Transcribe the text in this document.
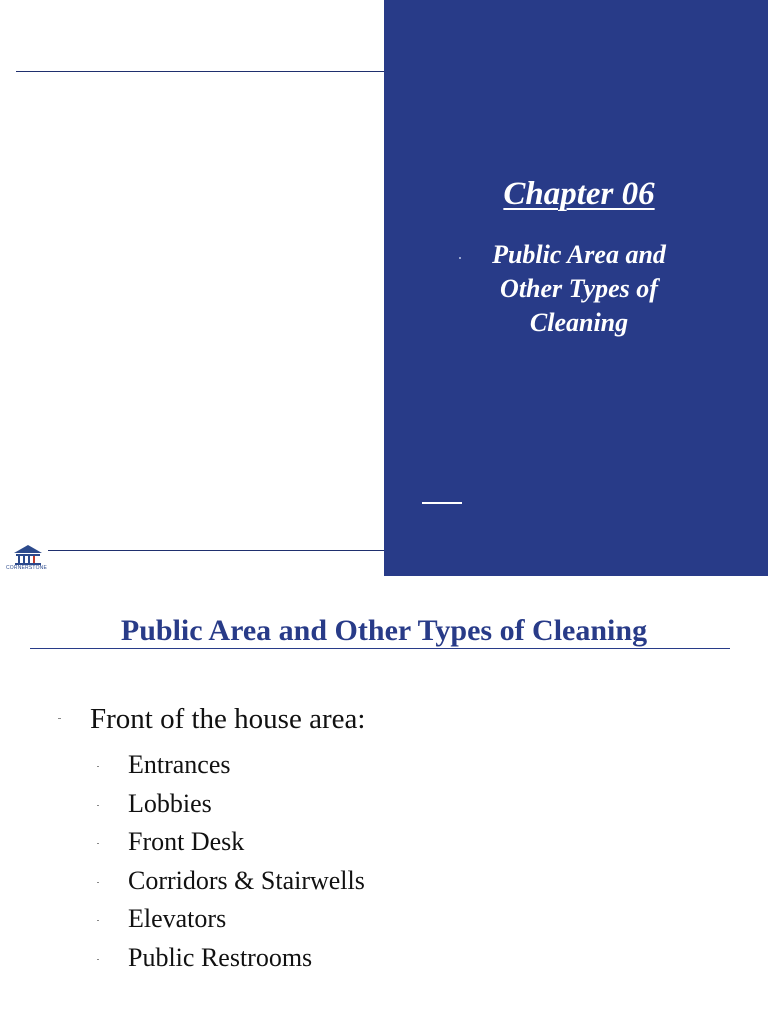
CORNERSTONE
Chapter 06
Public Area and
Other Types of
Cleaning
Public Area and Other Types of Cleaning
Front of the house area:
Entrances
Lobbies
Front Desk
Corridors & Stairwells
Elevators
Public Restrooms
